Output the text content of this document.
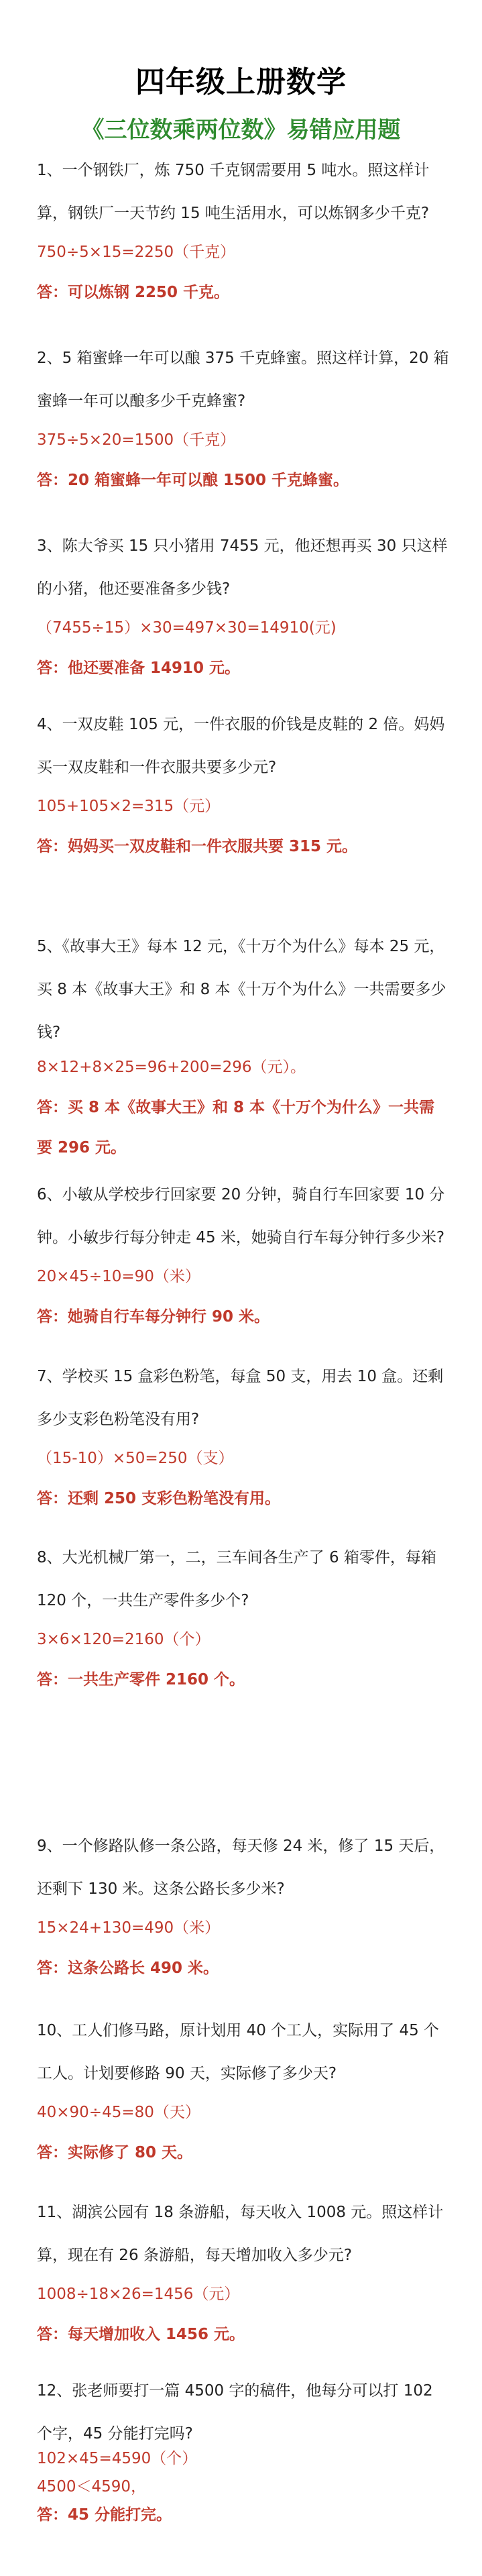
四年级上册数学
《三位数乘两位数》易错应用题
1、一个钢铁厂，炼 750 千克钢需要用 5 吨水。照这样计算，钢铁厂一天节约 15 吨生活用水，可以炼钢多少千克?
750÷5×15=2250（千克）
答：可以炼钢 2250 千克。
2、5 箱蜜蜂一年可以酿 375 千克蜂蜜。照这样计算，20 箱蜜蜂一年可以酿多少千克蜂蜜?
375÷5×20=1500（千克）
答：20 箱蜜蜂一年可以酿 1500 千克蜂蜜。
3、陈大爷买 15 只小猪用 7455 元，他还想再买 30 只这样的小猪，他还要准备多少钱?
（7455÷15）×30=497×30=14910(元)
答：他还要准备 14910 元。
4、一双皮鞋 105 元，一件衣服的价钱是皮鞋的 2 倍。妈妈买一双皮鞋和一件衣服共要多少元?
105+105×2=315（元）
答：妈妈买一双皮鞋和一件衣服共要 315 元。
5、《故事大王》每本 12 元，《十万个为什么》每本 25 元，买 8 本《故事大王》和 8 本《十万个为什么》一共需要多少钱?
8×12+8×25=96+200=296（元）。
答：买 8 本《故事大王》和 8 本《十万个为什么》一共需要 296 元。
6、小敏从学校步行回家要 20 分钟，骑自行车回家要 10 分钟。小敏步行每分钟走 45 米，她骑自行车每分钟行多少米?
20×45÷10=90（米）
答：她骑自行车每分钟行 90 米。
7、学校买 15 盒彩色粉笔，每盒 50 支，用去 10 盒。还剩多少支彩色粉笔没有用?
（15-10）×50=250（支）
答：还剩 250 支彩色粉笔没有用。
8、大光机械厂第一，二，三车间各生产了 6 箱零件，每箱 120 个，一共生产零件多少个?
3×6×120=2160（个）
答：一共生产零件 2160 个。
9、一个修路队修一条公路，每天修 24 米，修了 15 天后，还剩下 130 米。这条公路长多少米?
15×24+130=490（米）
答：这条公路长 490 米。
10、工人们修马路，原计划用 40 个工人，实际用了 45 个工人。计划要修路 90 天，实际修了多少天?
40×90÷45=80（天）
答：实际修了 80 天。
11、湖滨公园有 18 条游船，每天收入 1008 元。照这样计算，现在有 26 条游船，每天增加收入多少元?
1008÷18×26=1456（元）
答：每天增加收入 1456 元。
12、张老师要打一篇 4500 字的稿件，他每分可以打 102 个字，45 分能打完吗?
102×45=4590（个）
4500＜4590，
答：45 分能打完。
